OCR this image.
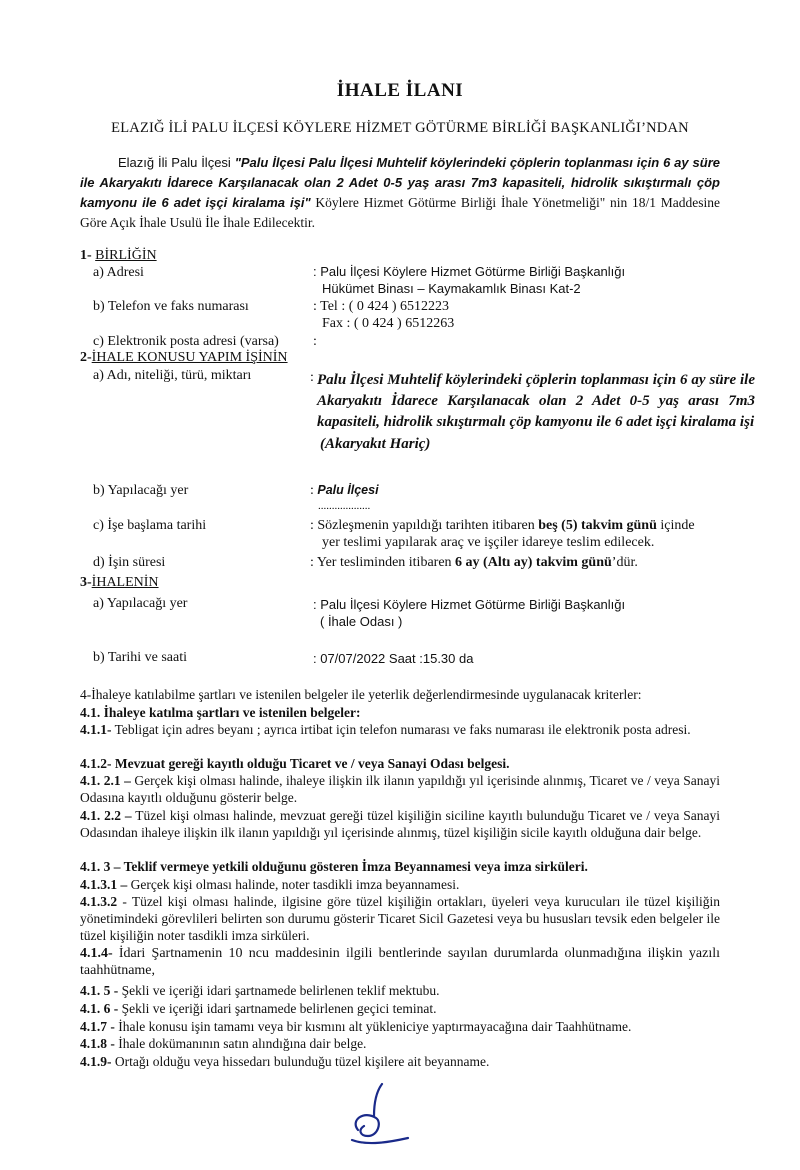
İHALE İLANI
ELAZIĞ İLİ PALU İLÇESİ KÖYLERE HİZMET GÖTÜRME BİRLİĞİ BAŞKANLIĞI’NDAN
Elazığ İli Palu İlçesi "Palu İlçesi Palu İlçesi Muhtelif köylerindeki çöplerin toplanması için 6 ay süre ile Akaryakıtı İdarece Karşılanacak olan 2 Adet 0-5 yaş arası 7m3 kapasiteli, hidrolik sıkıştırmalı çöp kamyonu ile 6 adet işçi kiralama işi" Köylere Hizmet Götürme Birliği İhale Yönetmeliği" nin 18/1 Maddesine Göre Açık İhale Usulü İle İhale Edilecektir.
1- BİRLİĞİN
a) Adresi	: Palu İlçesi Köylere Hizmet Götürme Birliği Başkanlığı
Hükümet Binası – Kaymakamlık Binası Kat-2
b) Telefon ve faks numarası	: Tel : ( 0 424 ) 6512223
Fax : ( 0 424 ) 6512263
c) Elektronik posta adresi (varsa) :
2-İHALE KONUSU YAPIM İŞİNİN
a) Adı, niteliği, türü, miktarı	: Palu İlçesi Muhtelif köylerindeki çöplerin toplanması için 6 ay süre ile Akaryakıtı İdarece Karşılanacak olan 2 Adet 0-5 yaş arası 7m3 kapasiteli, hidrolik sıkıştırmalı çöp kamyonu ile 6 adet işçi kiralama işi
(Akaryakıt Hariç)
b) Yapılacağı yer	: Palu İlçesi
...................
c) İşe başlama tarihi	: Sözleşmenin yapıldığı tarihten itibaren beş (5) takvim günü içinde
yer teslimi yapılarak araç ve işçiler idareye teslim edilecek.
d) İşin süresi	: Yer tesliminden itibaren 6 ay (Altı ay) takvim günü’dür.
3-İHALENİN
a) Yapılacağı yer	: Palu İlçesi Köylere Hizmet Götürme Birliği Başkanlığı
( İhale Odası )
b) Tarihi ve saati	: 07/07/2022 Saat :15.30 da
4-İhaleye katılabilme şartları ve istenilen belgeler ile yeterlik değerlendirmesinde uygulanacak kriterler:
4.1. İhaleye katılma şartları ve istenilen belgeler:
4.1.1- Tebligat için adres beyanı ; ayrıca irtibat için telefon numarası ve faks numarası ile elektronik posta adresi.
4.1.2- Mevzuat gereği kayıtlı olduğu Ticaret ve / veya Sanayi Odası belgesi.
4.1. 2.1 – Gerçek kişi olması halinde, ihaleye ilişkin ilk ilanın yapıldığı yıl içerisinde alınmış, Ticaret ve / veya Sanayi Odasına kayıtlı olduğunu gösterir belge.
4.1. 2.2 – Tüzel kişi olması halinde, mevzuat gereği tüzel kişiliğin siciline kayıtlı bulunduğu Ticaret ve / veya Sanayi Odasından ihaleye ilişkin ilk ilanın yapıldığı yıl içerisinde alınmış, tüzel kişiliğin sicile kayıtlı olduğuna dair belge.
4.1. 3 – Teklif vermeye yetkili olduğunu gösteren İmza Beyannamesi veya imza sirküleri.
4.1.3.1 – Gerçek kişi olması halinde, noter tasdikli imza beyannamesi.
4.1.3.2 - Tüzel kişi olması halinde, ilgisine göre tüzel kişiliğin ortakları, üyeleri veya kurucuları ile tüzel kişiliğin yönetimindeki görevlileri belirten son durumu gösterir Ticaret Sicil Gazetesi veya bu hususları tevsik eden belgeler ile tüzel kişiliğin noter tasdikli imza sirküleri.
4.1.4- İdari Şartnamenin 10 ncu maddesinin ilgili bentlerinde sayılan durumlarda olunmadığına ilişkin yazılı taahhütname,
4.1. 5 - Şekli ve içeriği idari şartnamede belirlenen teklif mektubu.
4.1. 6 - Şekli ve içeriği idari şartnamede belirlenen geçici teminat.
4.1.7 - İhale konusu işin tamamı veya bir kısmını alt yükleniciye yaptırmayacağına dair Taahhütname.
4.1.8 - İhale dokümanının satın alındığına dair belge.
4.1.9- Ortağı olduğu veya hissedarı bulunduğu tüzel kişilere ait beyanname.
